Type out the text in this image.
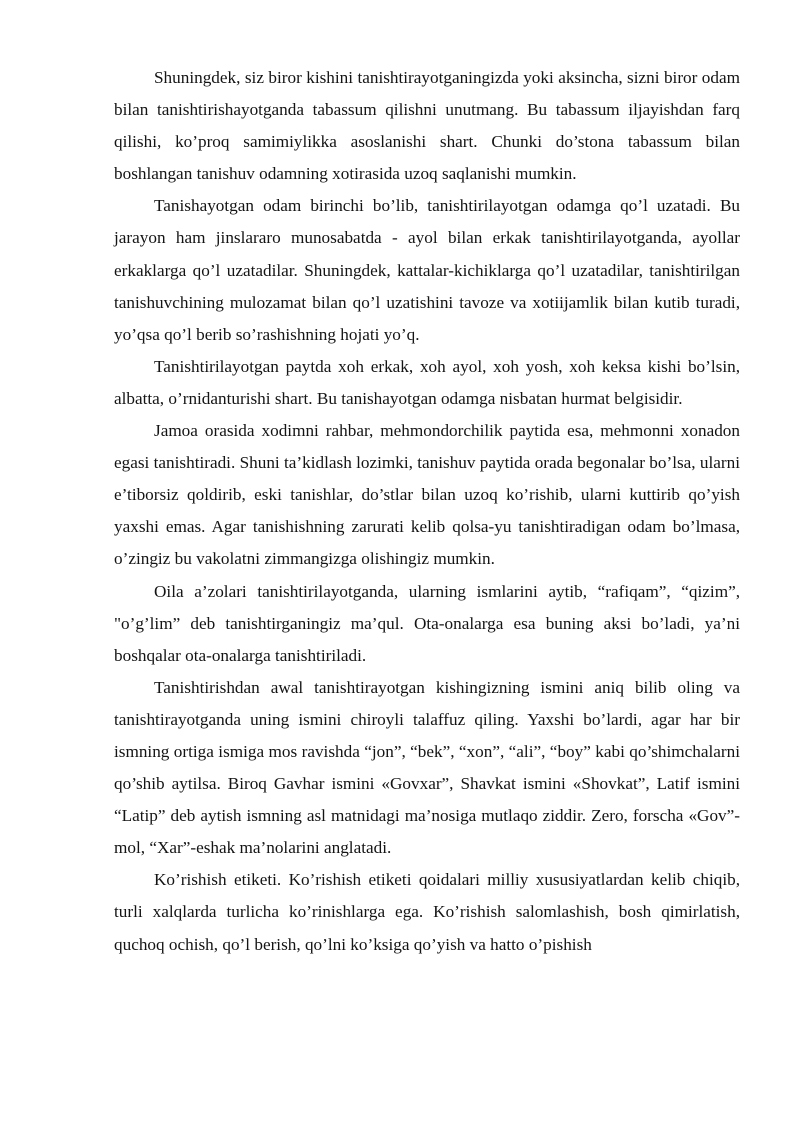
Shuningdek, siz biror kishini tanishtirayotganingizda yoki aksincha, sizni biror odam bilan tanishtirishayotganda tabassum qilishni unutmang. Bu tabassum iljayishdan farq qilishi, ko’proq samimiylikka asoslanishi shart. Chunki do’stona tabassum bilan boshlangan tanishuv odamning xotirasida uzoq saqlanishi mumkin.

Tanishayotgan odam birinchi bo’lib, tanishtirilayotgan odamga qo’l uzatadi. Bu jarayon ham jinslararo munosabatda - ayol bilan erkak tanishtirilayotganda, ayollar erkaklarga qo’l uzatadilar. Shuningdek, kattalar-kichiklarga qo’l uzatadilar, tanishtirilgan tanishuvchining mulozamat bilan qo’l uzatishini tavoze va xotiijamlik bilan kutib turadi, yo’qsa qo’l berib so’rashishning hojati yo’q.

Tanishtirilayotgan paytda xoh erkak, xoh ayol, xoh yosh, xoh keksa kishi bo’lsin, albatta, o’rnidanturishi shart. Bu tanishayotgan odamga nisbatan hurmat belgisidir.

Jamoa orasida xodimni rahbar, mehmondorchilik paytida esa, mehmonni xonadon egasi tanishtiradi. Shuni ta’kidlash lozimki, tanishuv paytida orada begonalar bo’lsa, ularni e’tiborsiz qoldirib, eski tanishlar, do’stlar bilan uzoq ko’rishib, ularni kuttirib qo’yish yaxshi emas. Agar tanishishning zarurati kelib qolsa-yu tanishtiradigan odam bo’lmasa, o’zingiz bu vakolatni zimmangizga olishingiz mumkin.

Oila a’zolari tanishtirilayotganda, ularning ismlarini aytib, “rafiqam”, “qizim”, "o’g’lim” deb tanishtirganingiz ma’qul. Ota-onalarga esa buning aksi bo’ladi, ya’ni boshqalar ota-onalarga tanishtiriladi.

Tanishtirishdan awal tanishtirayotgan kishingizning ismini aniq bilib oling va tanishtirayotganda uning ismini chiroyli talaffuz qiling. Yaxshi bo’lardi, agar har bir ismning ortiga ismiga mos ravishda “jon”, “bek”, “xon”, “ali”, “boy” kabi qo’shimchalarni qo’shib aytilsa. Biroq Gavhar ismini «Govxar”, Shavkat ismini «Shovkat”, Latif ismini “Latip” deb aytish ismning asl matnidagi ma’nosiga mutlaqo ziddir. Zero, forscha «Gov”-mol, “Xar”-eshak ma’nolarini anglatadi.

Ko’rishish etiketi. Ko’rishish etiketi qoidalari milliy xususiyatlardan kelib chiqib, turli xalqlarda turlicha ko’rinishlarga ega. Ko’rishish salomlashish, bosh qimirlatish, quchoq ochish, qo’l berish, qo’lni ko’ksiga qo’yish va hatto o’pishish
